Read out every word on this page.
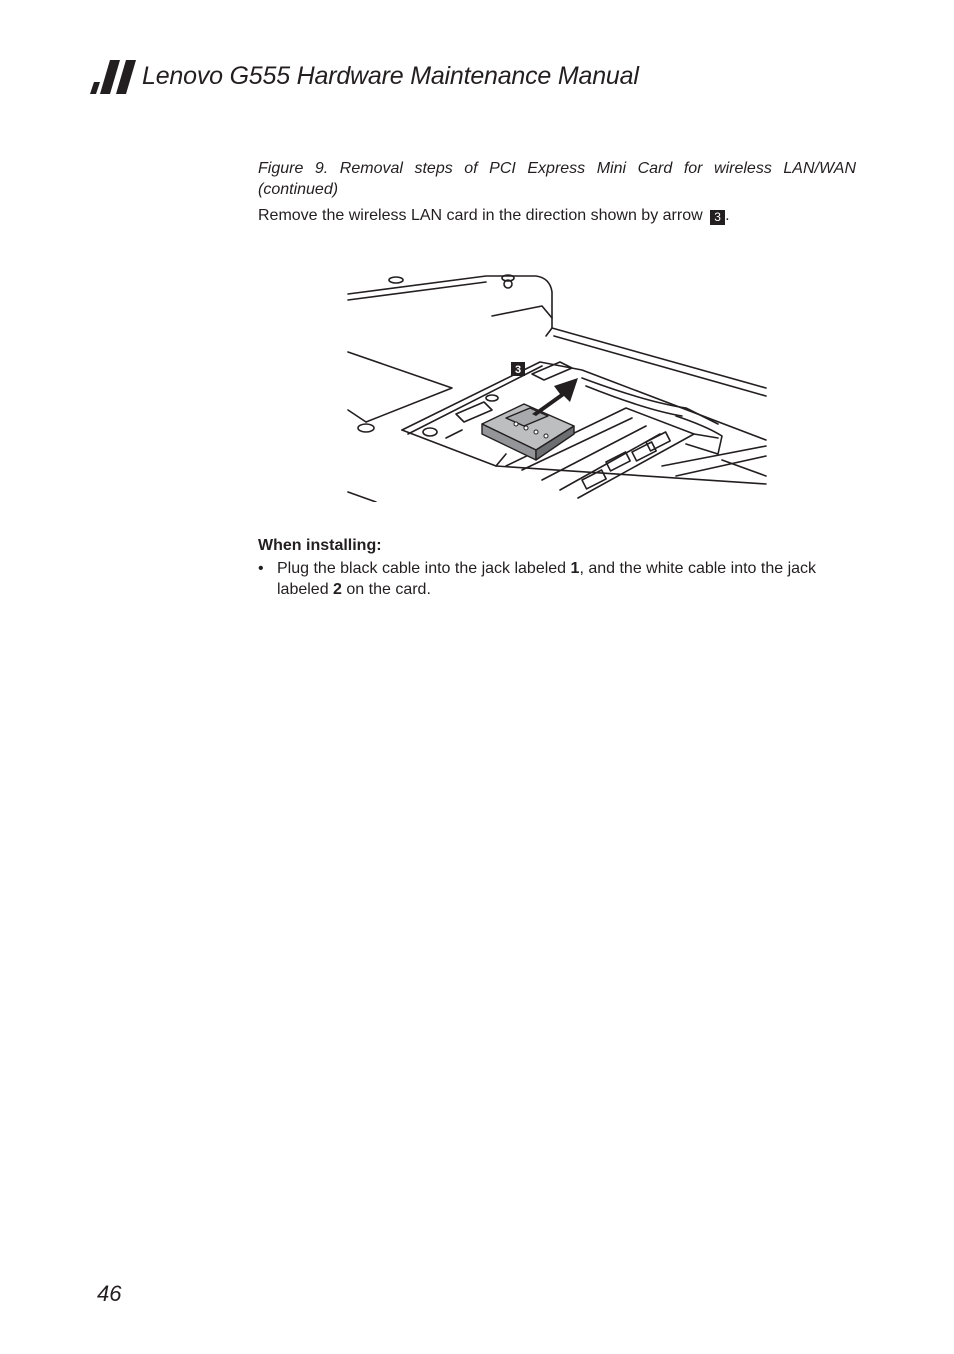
Lenovo G555 Hardware Maintenance Manual
Figure 9. Removal steps of PCI Express Mini Card for wireless LAN/WAN (continued)
Remove the wireless LAN card in the direction shown by arrow 3 .
3
When installing:
• Plug the black cable into the jack labeled 1, and the white cable into the jack labeled 2 on the card.
46
